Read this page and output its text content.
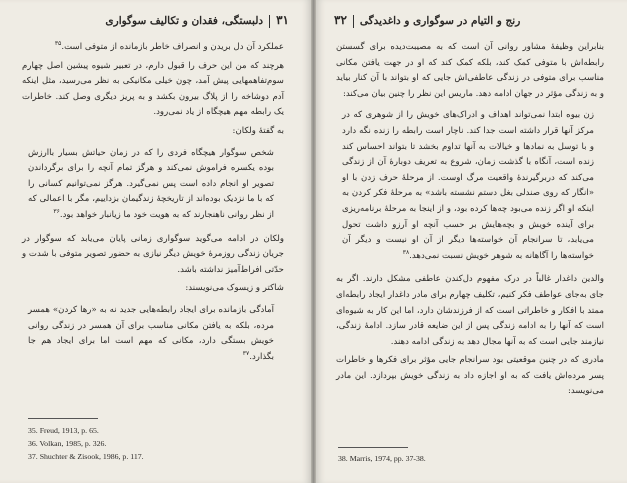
۳۱دلبستگی، فقدان و تکالیف سوگواری

عملکرد آن دل بریدن و انصراف خاطر بازمانده از متوفی است.$^{۳۵}$

هرچند که من این حرف را قبول دارم، در تعبیر شیوه پیشین اصل چهارم سوم‌تفاهمهایی پیش آمد، چون خیلی مکانیکی به نظر می‌رسید، مثل اینکه آدم دوشاخه را از پلاگ بیرون بکشد و به پریز دیگری وصل کند. خاطرات یک رابطه مهم هیچگاه از یاد نمی‌رود.

به گفتهٔ ولکان:

شخص سوگوار هیچگاه فردی را که در زمان حیاتش بسیار باارزش بوده یکسره فراموش نمی‌کند و هرگز تمام آنچه را برای برگرداندن تصویر او انجام داده است پس نمی‌گیرد. هرگز نمی‌توانیم کسانی را که با ما نزدیک بوده‌اند از تاریخچهٔ زندگیمان بزداییم، مگر با اعمالی که از نظر روانی ناهنجارند که به هویت خود ما زیانبار خواهد بود.$^{۳۶}$

ولکان در ادامه می‌گوید سوگواری زمانی پایان می‌یابد که سوگوار در جریان زندگی روزمرهٔ خویش دیگر نیازی به حضور تصویر متوفی با شدت و حدّتی افراط‌آمیز نداشته باشد.

شاکتر و زیسوک می‌نویسند:

آمادگی بازمانده برای ایجاد رابطه‌هایی جدید نه به «رها کردن» همسر مرده، بلکه به یافتن مکانی مناسب برای آن همسر در زندگی روانی خویش بستگی دارد، مکانی که مهم است اما برای ایجاد هم جا بگذارد.$^{۳۷}$

35. Freud, 1913, p. 65.
36. Volkan, 1985, p. 326.
37. Shuchter & Zisook, 1986, p. 117.
رنج و التیام در سوگواری و داغدیدگی۳۲

بنابراین وظیفهٔ مشاور روانی آن است که به مصیبت‌دیده برای گسستن رابطه‌اش با متوفی کمک کند، بلکه کمک کند که او در جهت یافتن مکانی مناسب برای متوفی در زندگی عاطفی‌اش جایی که او بتواند با آن کنار بیاید و به زندگی مؤثر در جهان ادامه دهد. ماریس این نظر را چنین بیان می‌کند:

زن بیوه ابتدا نمی‌تواند اهداف و ادراک‌های خویش را از شوهری که در مرکز آنها قرار داشته است جدا کند. ناچار است رابطه را زنده نگه دارد و با توسل به نمادها و خیالات به آنها تداوم بخشد تا بتواند احساس کند زنده است، آنگاه با گذشت زمان، شروع به تعریف دوبارهٔ آن از زندگی می‌کند که دربرگیرندهٔ واقعیت مرگ اوست. از مرحلهٔ حرف زدن با او «انگار که روی صندلی بغل دستم نشسته باشد» به مرحلهٔ فکر کردن به اینکه او اگر زنده می‌بود چه‌ها کرده بود، و از اینجا به مرحلهٔ برنامه‌ریزی برای آینده خویش و بچه‌هایش بر حسب آنچه او آرزو داشت تحول می‌یابد، تا سرانجام آن خواسته‌ها دیگر از آن او نیست و دیگر آن خواسته‌ها را آگاهانه به شوهر خویش نسبت نمی‌دهد.$^{۳۸}$

والدین داغدار غالباً در درک مفهوم دل‌کندن عاطفی مشکل دارند. اگر به جای به‌جای عواطف فکر کنیم، تکلیف چهارم برای مادر داغدار ایجاد رابطه‌ای ممتد با افکار و خاطراتی است که از فرزندشان دارد، اما این کار به شیوه‌ای است که آنها را به ادامه زندگی پس از این ضایعه قادر سازد. ادامهٔ زندگی، نیازمند جایی است که به آنها مجال دهد به زندگی ادامه دهند.

مادری که در چنین موقعیتی بود سرانجام جایی مؤثر برای فکرها و خاطرات پسر مرده‌اش یافت که به او اجازه داد به زندگی خویش بپردازد. این مادر می‌نویسد:

38. Marris, 1974, pp. 37-38.
